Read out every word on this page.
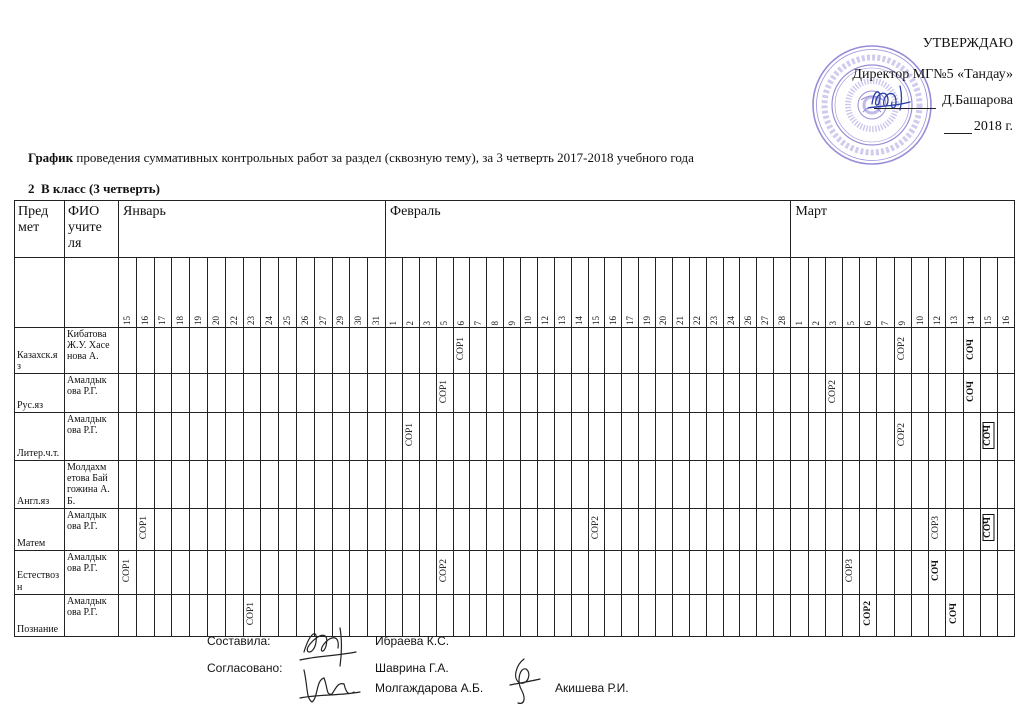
УТВЕРЖДАЮ
Директор МГ№5 «Тандау»
Д.Башарова
2018 г.
График проведения суммативных контрольных работ за раздел (сквозную тему), за 3 четверть 2017-2018 учебного года
2  В класс (3 четверть)
Предмет	ФИО учителя	Январь															Февраль																								Март												

		15	16	17	18	19	20	22	23	24	25	26	27	29	30	31	1	2	3	5	6	7	8	9	10	12	13	14	15	16	17	19	20	21	22	23	24	26	27	28	1	2	3	5	6	7	9	10	12	13	14	15	16

Казахск.яз	Кибатова Ж.У. Хасенова А.																				СОР1																										СОР2				СОЧ		

Рус.яз	Амалдыкова Р.Г.																			СОР1																							СОР2								СОЧ		

Литер.ч.т.	Амалдыкова Р.Г.																	СОР1																													СОР2					СОЧ	

Англ.яз	Молдахметова Байгожина А.Б.																																																				

Матем	Амалдыкова Р.Г.		СОР1																										СОР2																				СОР3			СОЧ	

Естествозн	Амалдыкова Р.Г.	СОР1																		СОР2																								СОР3					СОЧ				

Познание	Амалдыкова Р.Г.								СОР1																																				СОР2					СОЧ			
Составила:	Ибраева К.С.
Согласовано:	Шаврина Г.А.
Молгаждарова А.Б.	Акишева Р.И.
